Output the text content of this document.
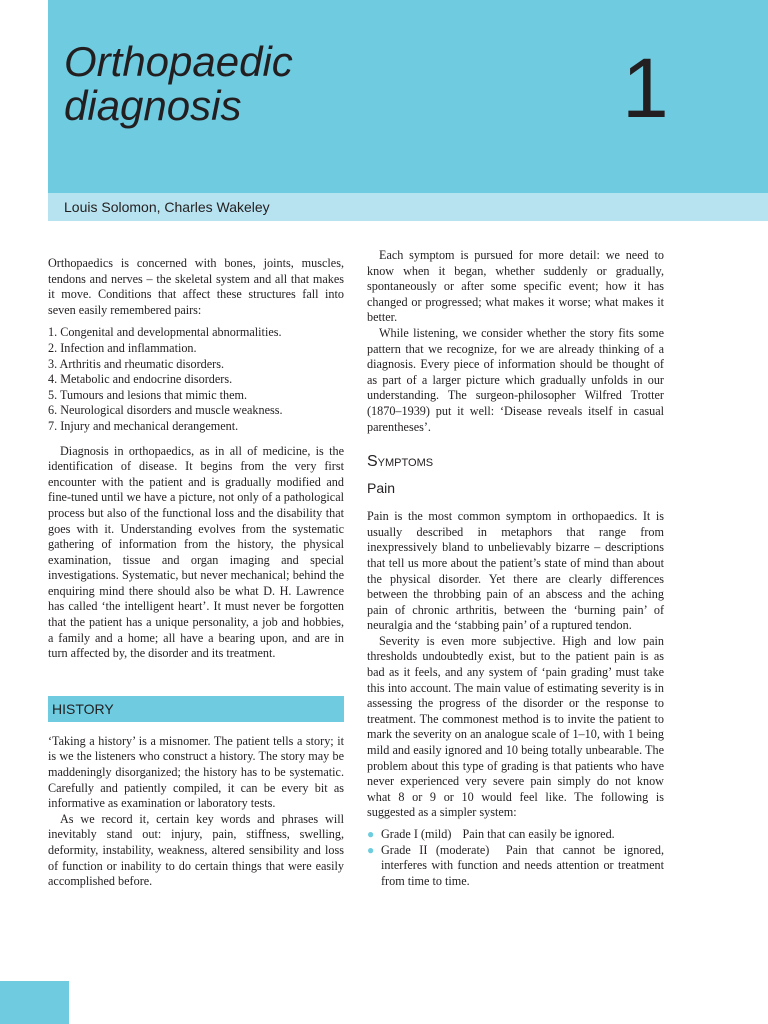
Orthopaedic
diagnosis	1
Louis Solomon, Charles Wakeley

Orthopaedics is concerned with bones, joints, muscles, tendons and nerves – the skeletal system and all that makes it move. Conditions that affect these structures fall into seven easily remembered pairs:

1. Congenital and developmental abnormalities.
2. Infection and inflammation.
3. Arthritis and rheumatic disorders.
4. Metabolic and endocrine disorders.
5. Tumours and lesions that mimic them.
6. Neurological disorders and muscle weakness.
7. Injury and mechanical derangement.

Diagnosis in orthopaedics, as in all of medicine, is the identification of disease. It begins from the very first encounter with the patient and is gradually modified and fine-tuned until we have a picture, not only of a pathological process but also of the functional loss and the disability that goes with it. Understanding evolves from the systematic gathering of information from the history, the physical examination, tissue and organ imaging and special investigations. Systematic, but never mechanical; behind the enquiring mind there should also be what D. H. Lawrence has called ‘the intelligent heart’. It must never be forgotten that the patient has a unique personality, a job and hobbies, a family and a home; all have a bearing upon, and are in turn affected by, the disorder and its treatment.

HISTORY

‘Taking a history’ is a misnomer. The patient tells a story; it is we the listeners who construct a history. The story may be maddeningly disorganized; the history has to be systematic. Carefully and patiently compiled, it can be every bit as informative as examination or laboratory tests.

As we record it, certain key words and phrases will inevitably stand out: injury, pain, stiffness, swelling, deformity, instability, weakness, altered sensibility and loss of function or inability to do certain things that were easily accomplished before.

Each symptom is pursued for more detail: we need to know when it began, whether suddenly or gradually, spontaneously or after some specific event; how it has changed or progressed; what makes it worse; what makes it better.

While listening, we consider whether the story fits some pattern that we recognize, for we are already thinking of a diagnosis. Every piece of information should be thought of as part of a larger picture which gradually unfolds in our understanding. The surgeon-philosopher Wilfred Trotter (1870–1939) put it well: ‘Disease reveals itself in casual parentheses’.

Symptoms
Pain

Pain is the most common symptom in orthopaedics. It is usually described in metaphors that range from inexpressively bland to unbelievably bizarre – descriptions that tell us more about the patient’s state of mind than about the physical disorder. Yet there are clearly differences between the throbbing pain of an abscess and the aching pain of chronic arthritis, between the ‘burning pain’ of neuralgia and the ‘stabbing pain’ of a ruptured tendon.

Severity is even more subjective. High and low pain thresholds undoubtedly exist, but to the patient pain is as bad as it feels, and any system of ‘pain grading’ must take this into account. The main value of estimating severity is in assessing the progress of the disorder or the response to treatment. The commonest method is to invite the patient to mark the severity on an analogue scale of 1–10, with 1 being mild and easily ignored and 10 being totally unbearable. The problem about this type of grading is that patients who have never experienced very severe pain simply do not know what 8 or 9 or 10 would feel like. The following is suggested as a simpler system:

● Grade I (mild) Pain that can easily be ignored.
● Grade II (moderate) Pain that cannot be ignored, interferes with function and needs attention or treatment from time to time.
